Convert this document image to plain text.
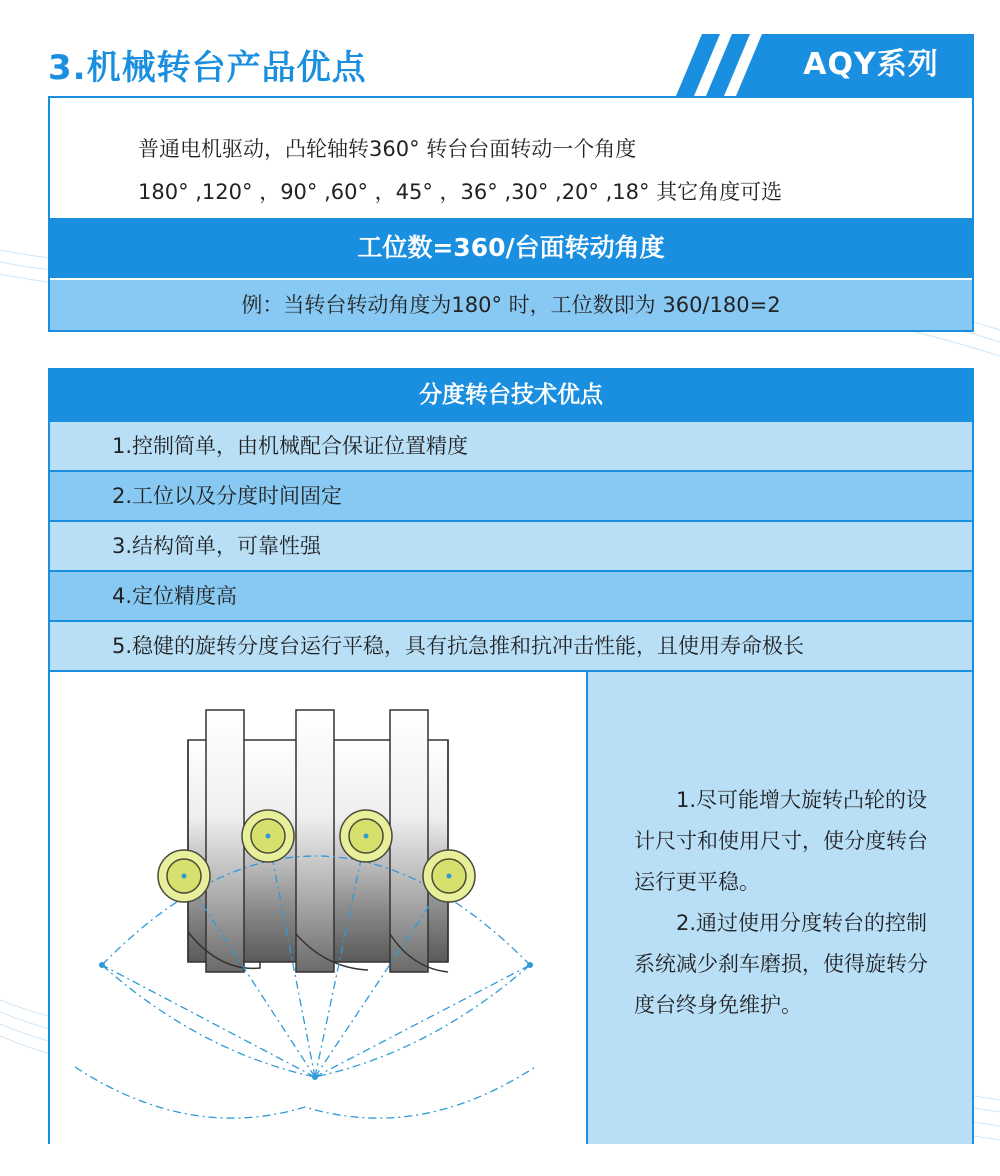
3.机械转台产品优点	AQY系列

普通电机驱动，凸轮轴转360° 转台台面转动一个角度
180° ,120° ，90° ,60° ，45° ，36° ,30° ,20° ,18° 其它角度可选

工位数=360/台面转动角度
例：当转台转动角度为180° 时，工位数即为 360/180=2
分度转台技术优点
1.控制简单，由机械配合保证位置精度
2.工位以及分度时间固定
3.结构简单，可靠性强
4.定位精度高
5.稳健的旋转分度台运行平稳，具有抗急推和抗冲击性能，且使用寿命极长

1.尽可能增大旋转凸轮的设计尺寸和使用尺寸，使分度转台运行更平稳。

2.通过使用分度转台的控制系统减少刹车磨损，使得旋转分度台终身免维护。
